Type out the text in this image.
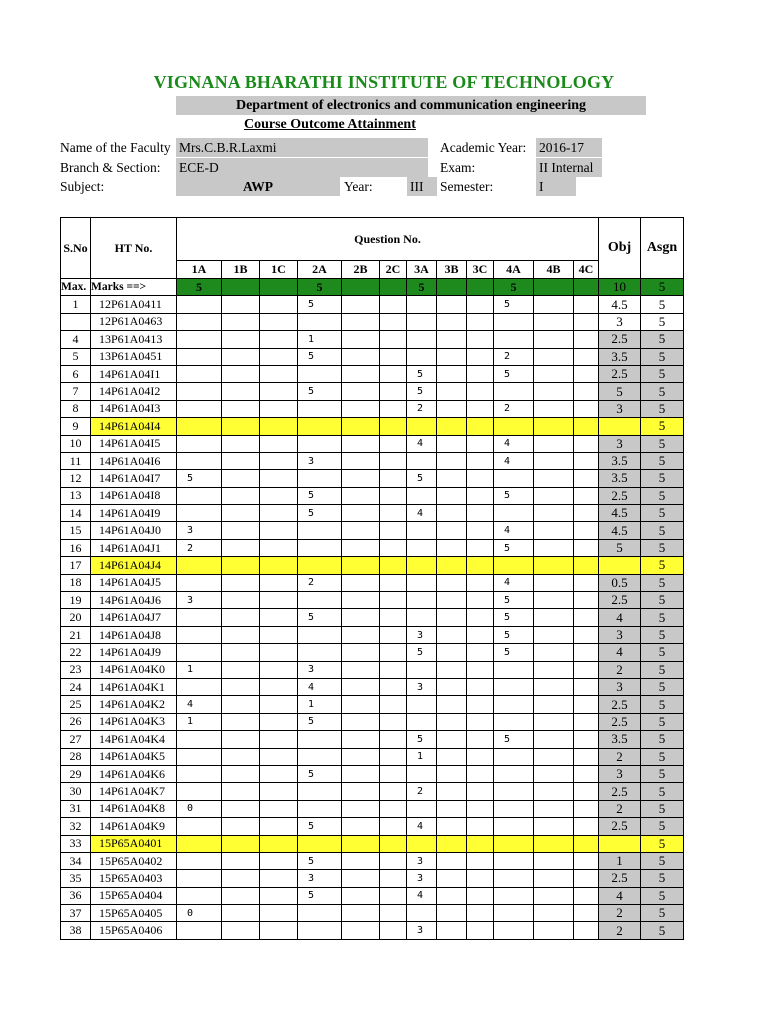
VIGNANA BHARATHI INSTITUTE OF TECHNOLOGY
Department of electronics and communication engineering
Course Outcome Attainment
Name of the Faculty Mrs.C.B.R.Laxmi	Academic Year: 2016-17
Branch & Section: ECE-D	Exam:	II Internal
Subject:	AWP	Year:	III	Semester:	I
S.No	HT No.	Question No.												Obj	Asgn
		1A	1B	1C	2A	2B	2C	3A	3B	3C	4A	4B	4C		
Max.	Marks ==>	5			5			5			5			10	5
1	12P61A0411				5						5			4.5	5
	12P61A0463													3	5
4	13P61A0413				1									2.5	5
5	13P61A0451				5						2			3.5	5
6	14P61A04I1							5			5			2.5	5
7	14P61A04I2				5			5						5	5
8	14P61A04I3							2			2			3	5
9	14P61A04I4														5
10	14P61A04I5							4			4			3	5
11	14P61A04I6				3						4			3.5	5
12	14P61A04I7	5						5						3.5	5
13	14P61A04I8				5						5			2.5	5
14	14P61A04I9				5			4						4.5	5
15	14P61A04J0	3									4			4.5	5
16	14P61A04J1	2									5			5	5
17	14P61A04J4														5
18	14P61A04J5				2						4			0.5	5
19	14P61A04J6	3									5			2.5	5
20	14P61A04J7				5						5			4	5
21	14P61A04J8							3			5			3	5
22	14P61A04J9							5			5			4	5
23	14P61A04K0	1			3									2	5
24	14P61A04K1				4			3						3	5
25	14P61A04K2	4			1									2.5	5
26	14P61A04K3	1			5									2.5	5
27	14P61A04K4							5			5			3.5	5
28	14P61A04K5							1						2	5
29	14P61A04K6				5									3	5
30	14P61A04K7							2						2.5	5
31	14P61A04K8	0												2	5
32	14P61A04K9				5			4						2.5	5
33	15P65A0401														5
34	15P65A0402				5			3						1	5
35	15P65A0403				3			3						2.5	5
36	15P65A0404				5			4						4	5
37	15P65A0405	0												2	5
38	15P65A0406							3						2	5
